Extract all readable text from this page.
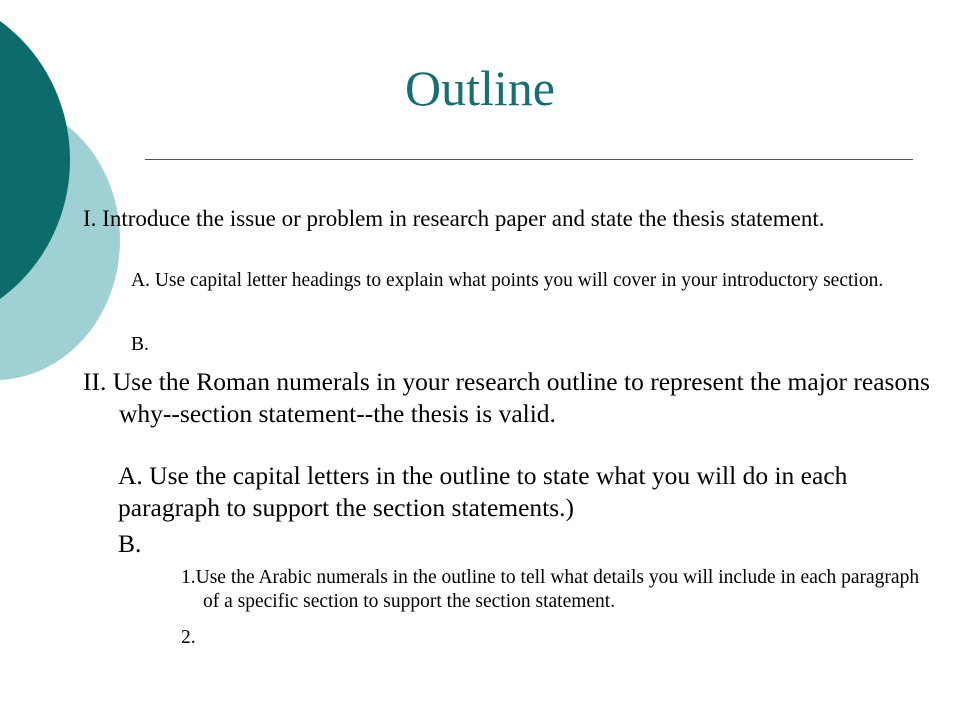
Outline

I. Introduce the issue or problem in research paper and state the thesis statement.

A. Use capital letter headings to explain what points you will cover in your introductory section.

B.

II. Use the Roman numerals in your research outline to represent the major reasons why--section statement--the thesis is valid.

A. Use the capital letters in the outline to state what you will do in each paragraph to support the section statements.)

B.

1.Use the Arabic numerals in the outline to tell what details you will include in each paragraph of a specific section to support the section statement.

2.
